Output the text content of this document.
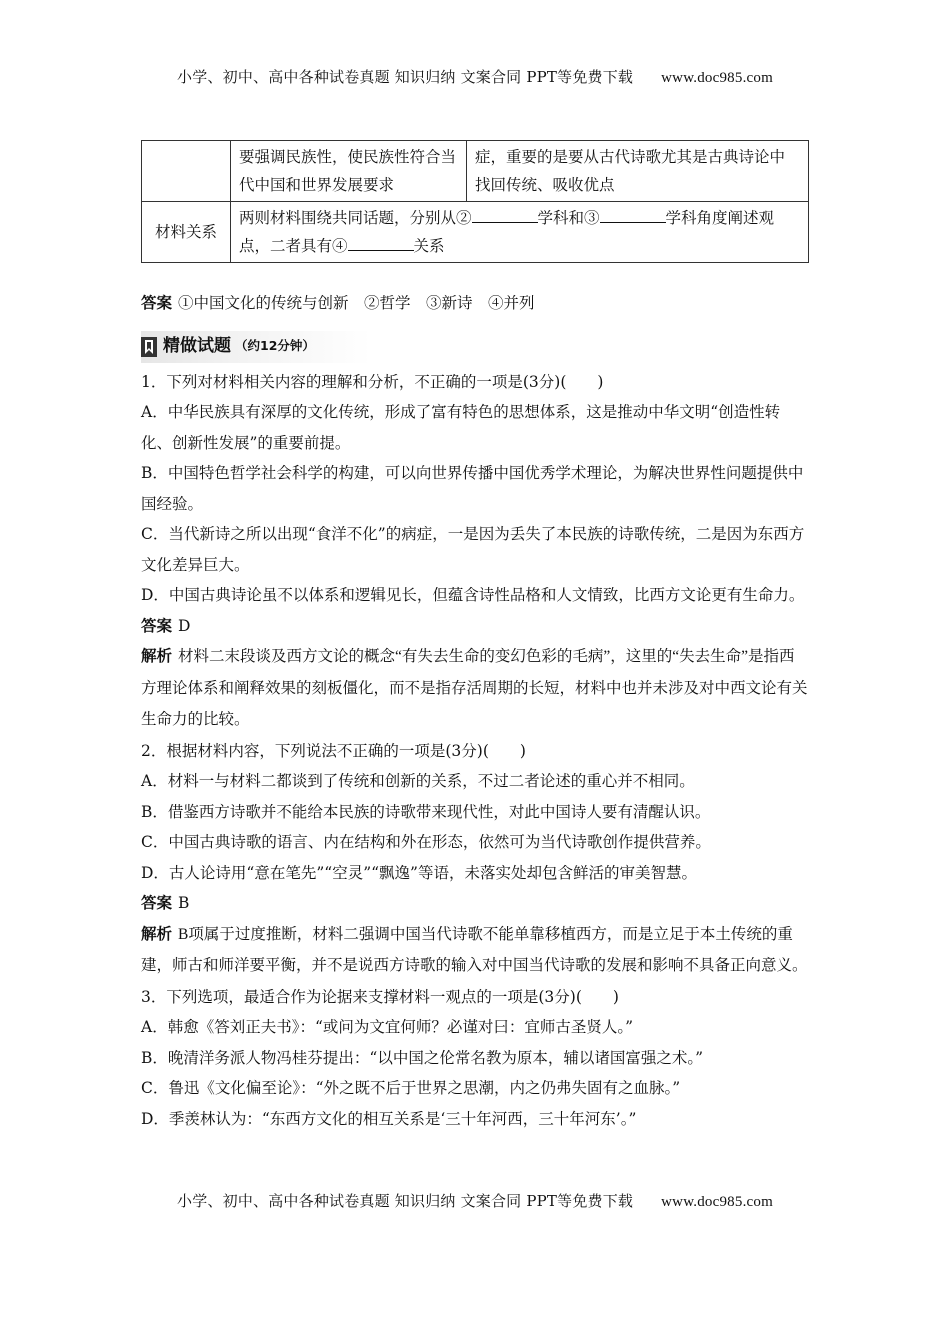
小学、初中、高中各种试卷真题 知识归纳 文案合同 PPT等免费下载 www.doc985.com
	要强调民族性，使民族性符合当代中国和世界发展要求	症，重要的是要从古代诗歌尤其是古典诗论中找回传统、吸收优点
材料关系	两则材料围绕共同话题，分别从② 学科和③ 学科角度阐述观点，二者具有④ 关系	

答案 ①中国文化的传统与创新　②哲学　③新诗　④并列

精做试题 （约12分钟）

1．下列对材料相关内容的理解和分析，不正确的一项是(3分)(　　)

A．中华民族具有深厚的文化传统，形成了富有特色的思想体系，这是推动中华文明“创造性转化、创新性发展”的重要前提。

B．中国特色哲学社会科学的构建，可以向世界传播中国优秀学术理论，为解决世界性问题提供中国经验。

C．当代新诗之所以出现“食洋不化”的病症，一是因为丢失了本民族的诗歌传统，二是因为东西方文化差异巨大。

D．中国古典诗论虽不以体系和逻辑见长，但蕴含诗性品格和人文情致，比西方文论更有生命力。

答案 D

解析 材料二末段谈及西方文论的概念“有失去生命的变幻色彩的毛病”，这里的“失去生命”是指西方理论体系和阐释效果的刻板僵化，而不是指存活周期的长短，材料中也并未涉及对中西文论有关生命力的比较。

2．根据材料内容，下列说法不正确的一项是(3分)(　　)

A．材料一与材料二都谈到了传统和创新的关系，不过二者论述的重心并不相同。

B．借鉴西方诗歌并不能给本民族的诗歌带来现代性，对此中国诗人要有清醒认识。

C．中国古典诗歌的语言、内在结构和外在形态，依然可为当代诗歌创作提供营养。

D．古人论诗用“意在笔先”“空灵”“飘逸”等语，未落实处却包含鲜活的审美智慧。

答案 B

解析 B项属于过度推断，材料二强调中国当代诗歌不能单靠移植西方，而是立足于本土传统的重建，师古和师洋要平衡，并不是说西方诗歌的输入对中国当代诗歌的发展和影响不具备正向意义。

3．下列选项，最适合作为论据来支撑材料一观点的一项是(3分)(　　)

A．韩愈《答刘正夫书》：“或问为文宜何师？必谨对曰：宜师古圣贤人。”

B．晚清洋务派人物冯桂芬提出：“以中国之伦常名教为原本，辅以诸国富强之术。”

C．鲁迅《文化偏至论》：“外之既不后于世界之思潮，内之仍弗失固有之血脉。”

D．季羡林认为：“东西方文化的相互关系是‘三十年河西，三十年河东’。”

小学、初中、高中各种试卷真题 知识归纳 文案合同 PPT等免费下载 www.doc985.com
